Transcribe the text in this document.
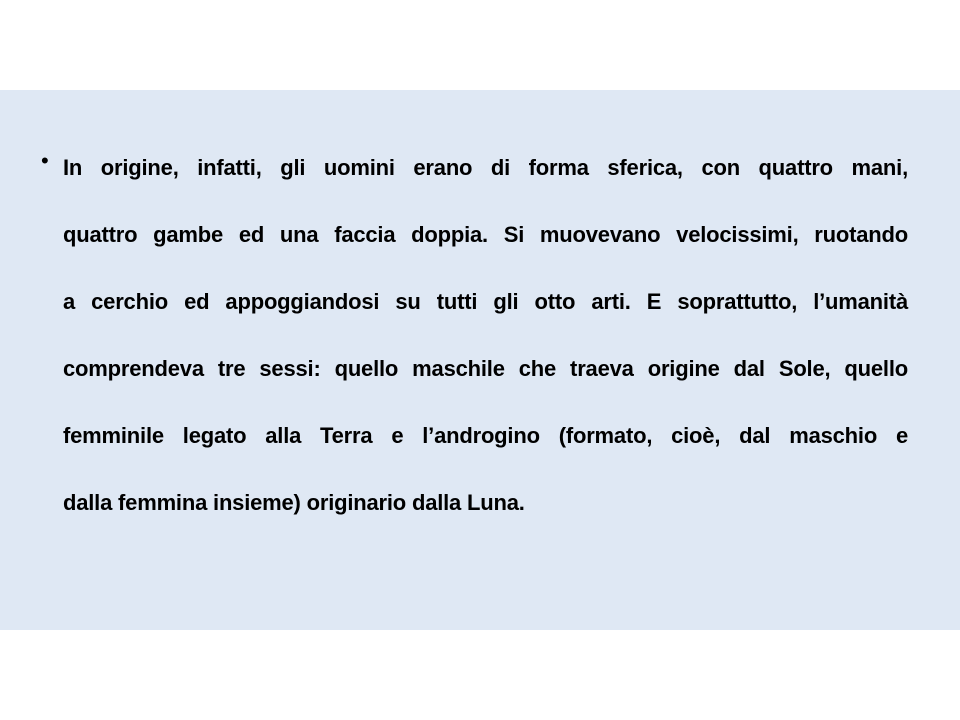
• In origine, infatti, gli uomini erano di forma sferica, con quattro mani,
quattro gambe ed una faccia doppia. Si muovevano velocissimi, ruotando
a cerchio ed appoggiandosi su tutti gli otto arti. E soprattutto, l’umanità
comprendeva tre sessi: quello maschile che traeva origine dal Sole, quello
femminile legato alla Terra e l’androgino (formato, cioè, dal maschio e
dalla femmina insieme) originario dalla Luna.
